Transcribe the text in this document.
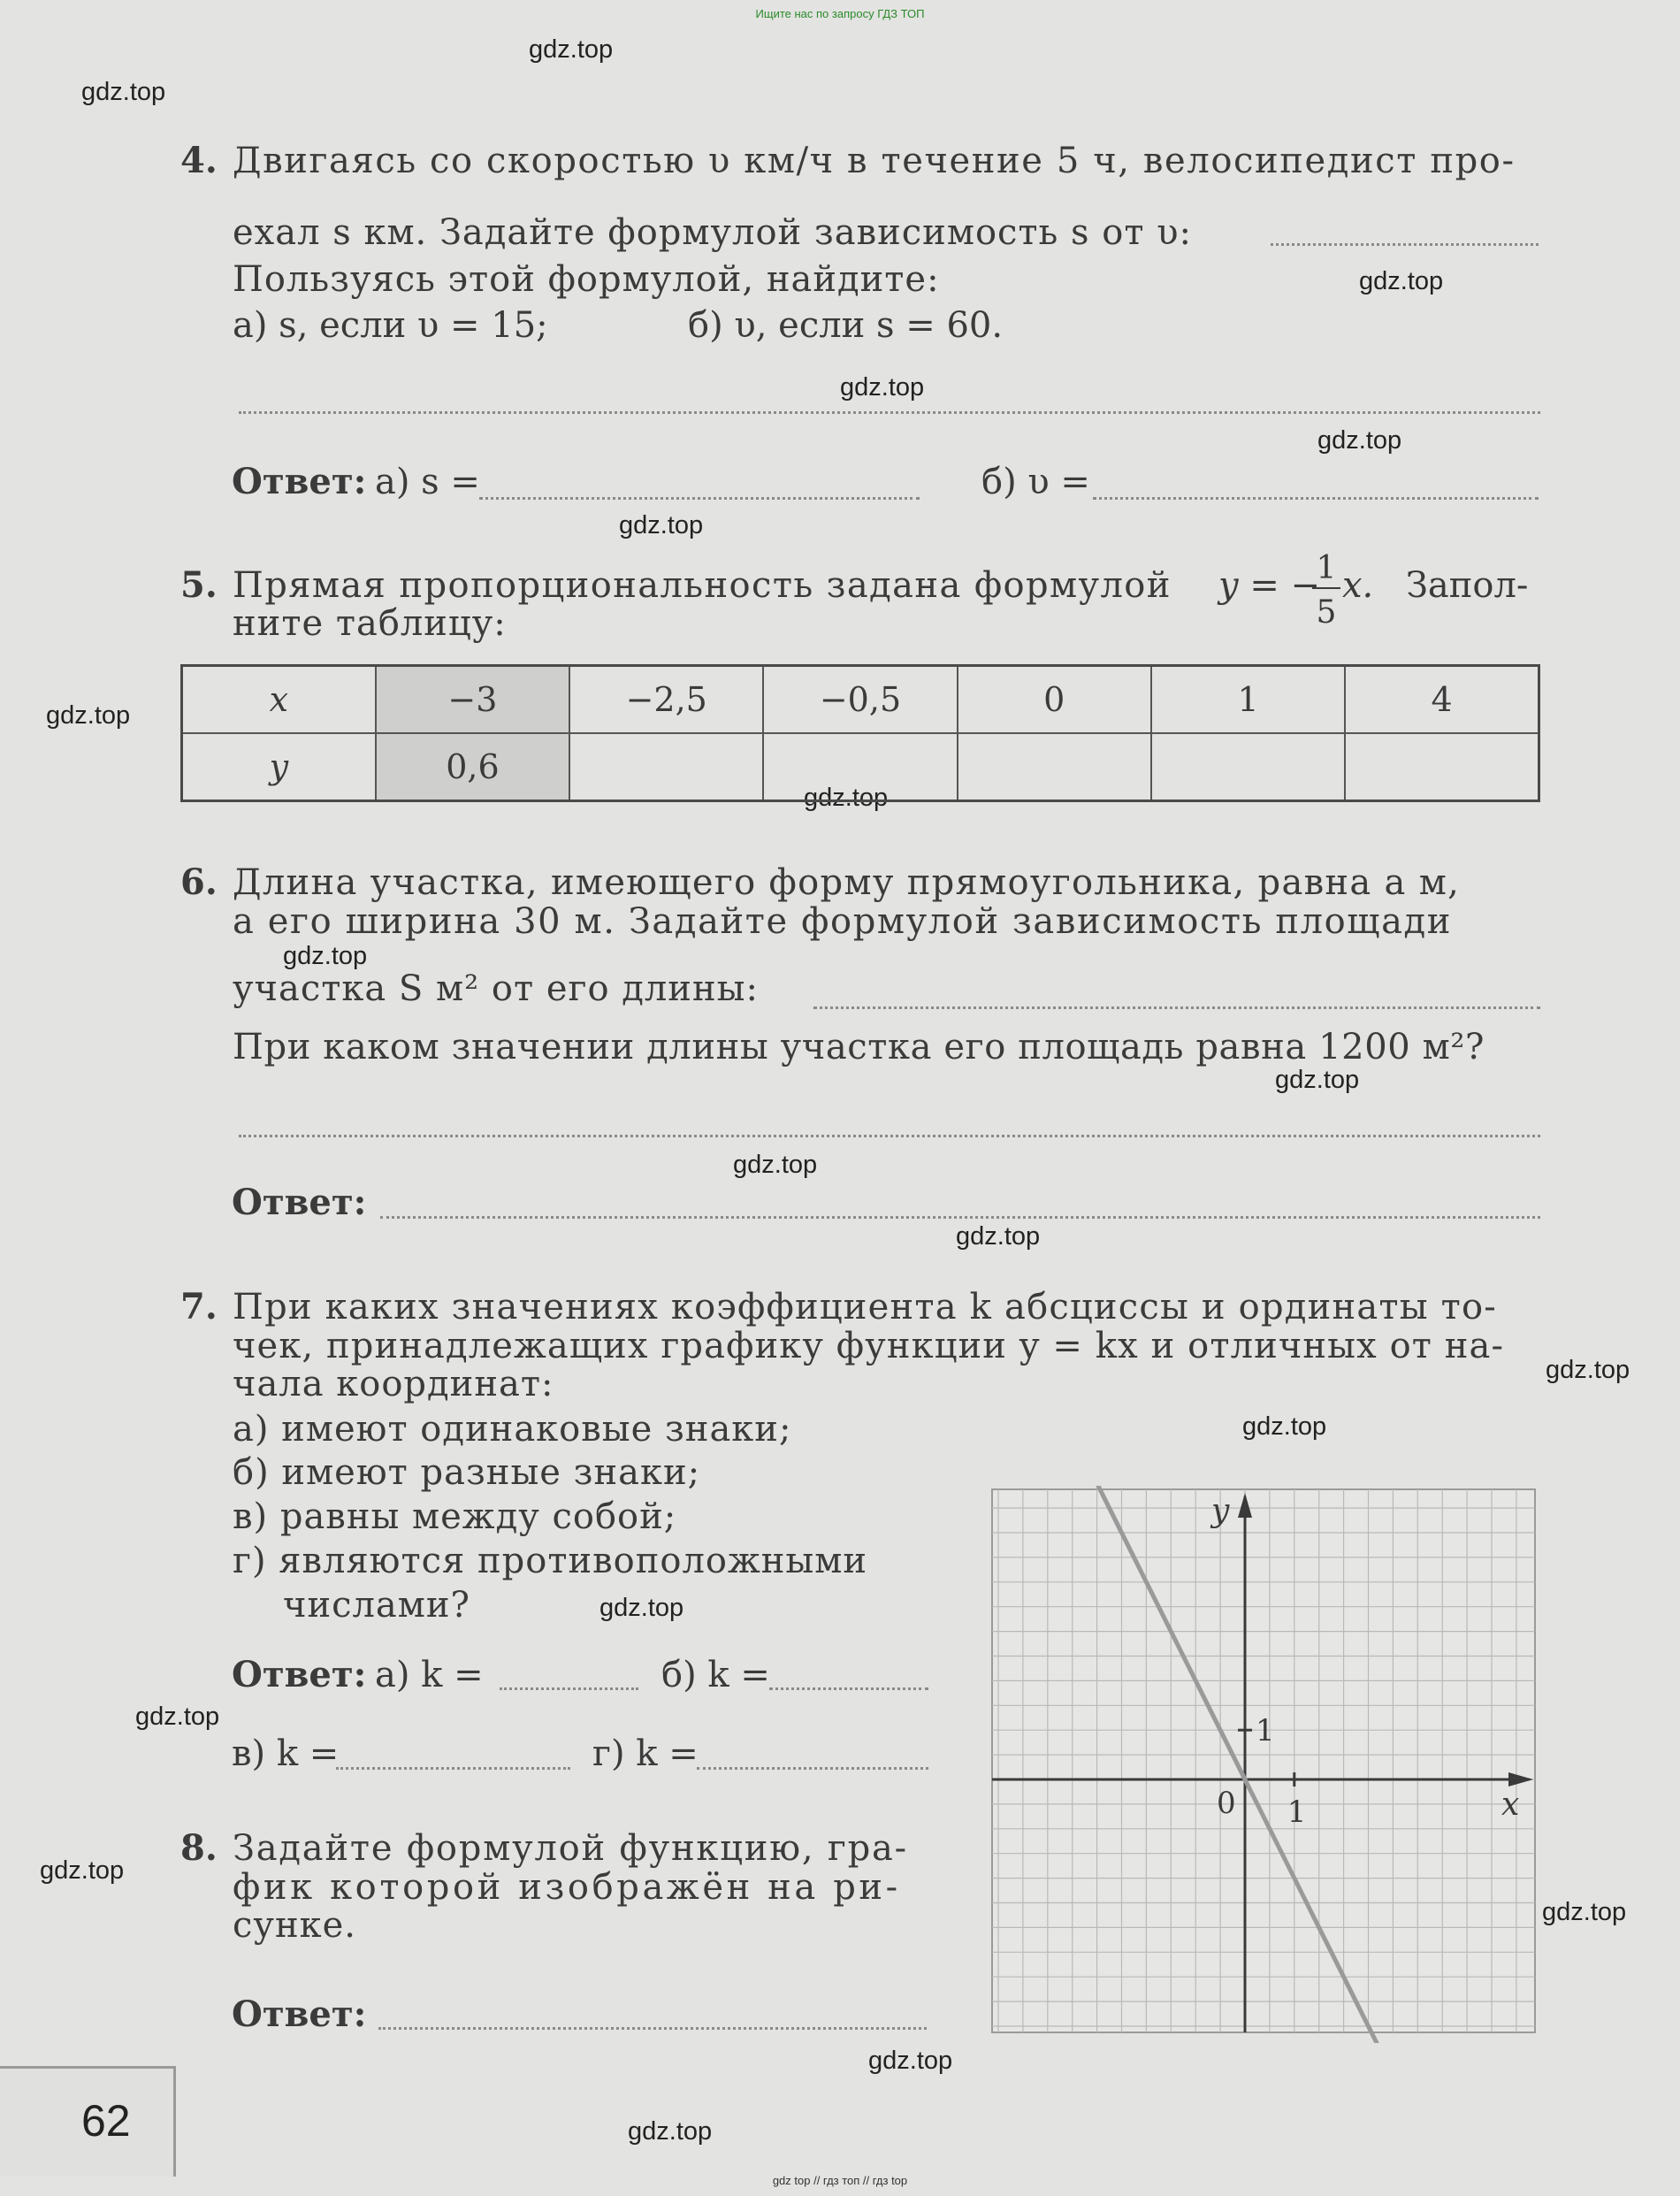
Ищите нас по запросу ГДЗ ТОП
gdz.top
gdz.top
gdz.top
gdz.top
gdz.top
gdz.top
gdz.top
gdz.top
gdz.top
gdz.top
gdz.top
gdz.top
gdz.top
gdz.top
gdz.top
gdz.top
gdz.top
gdz.top
gdz.top
gdz.top
4. Двигаясь со скоростью υ км/ч в течение 5 ч, велосипедист про-
ехал s км. Задайте формулой зависимость s от υ:
Пользуясь этой формулой, найдите:
а) s, если υ = 15;	б) υ, если s = 60.
Ответ: а) s =	б) υ =
5. Прямая пропорциональность задана формулой y = −
1
5
x. Запол-
ните таблицу:
x	−3	−2,5	−0,5	0	1	4
y	0,6					
6. Длина участка, имеющего форму прямоугольника, равна a м,
а его ширина 30 м. Задайте формулой зависимость площади
участка S м² от его длины:
При каком значении длины участка его площадь равна 1200 м²?
Ответ:
7. При каких значениях коэффициента k абсциссы и ординаты то-
чек, принадлежащих графику функции y = kx и отличных от на-
чала координат:
а) имеют одинаковые знаки;
б) имеют разные знаки;
в) равны между собой;
г) являются противоположными
числами?
Ответ: а) k =	б) k =
в) k =	г) k =
8. Задайте формулой функцию, гра-
фик которой изображён на ри-
сунке.
Ответ:
x
y
0 1
1
62
gdz top // гдз топ // гдз top
